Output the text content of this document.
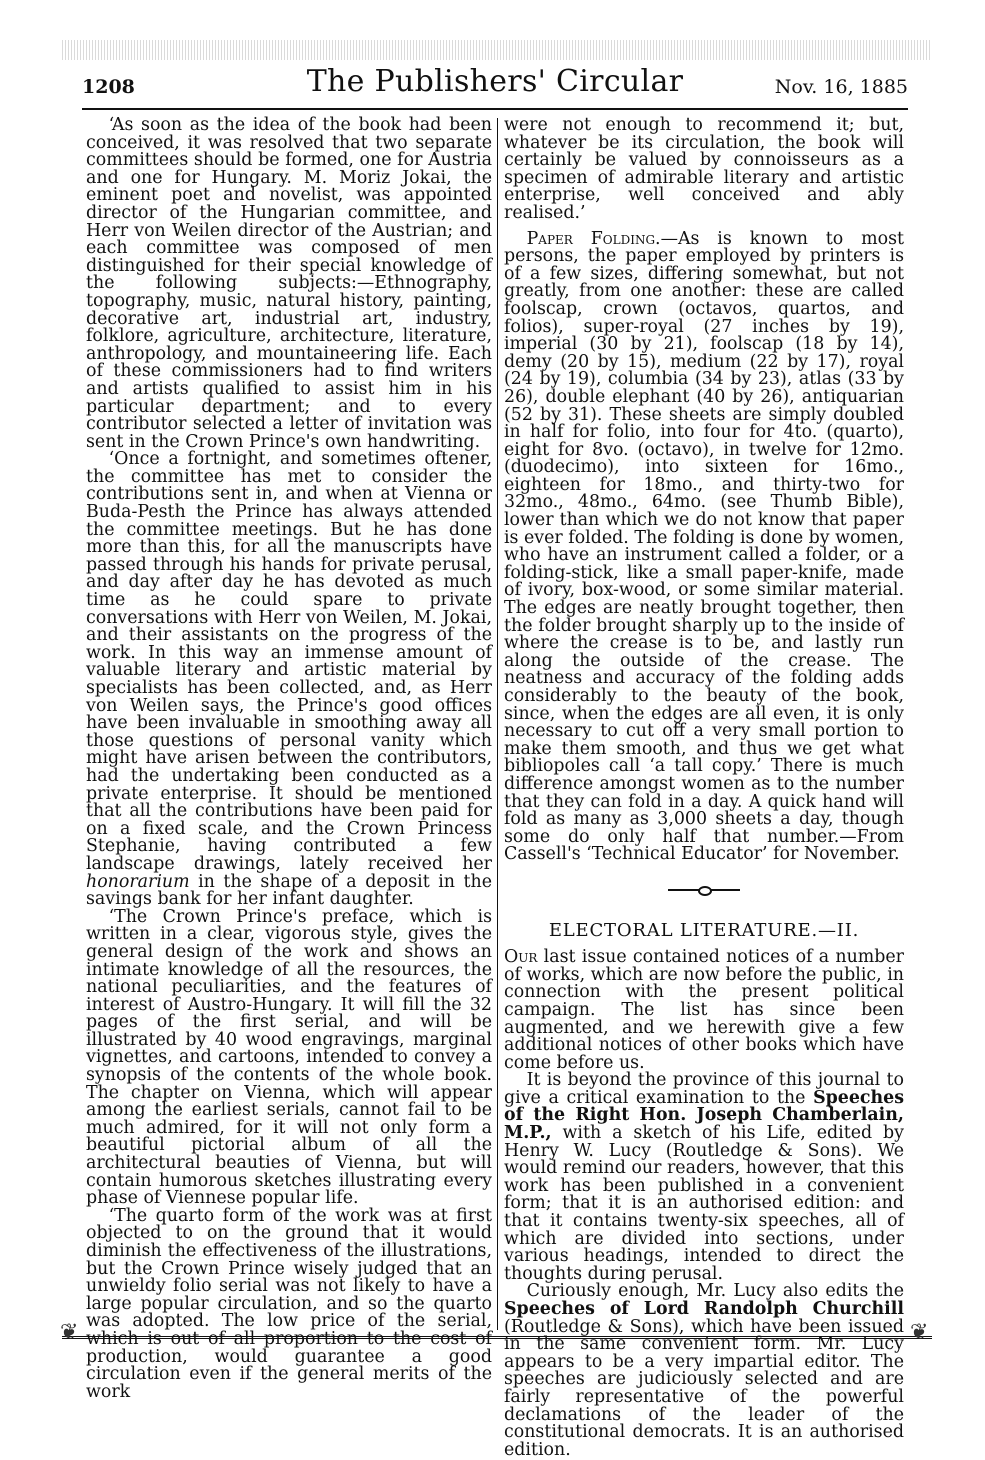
1208	The Publishers' Circular	Nov. 16, 1885

‘As soon as the idea of the book had been conceived, it was resolved that two separate committees should be formed, one for Austria and one for Hungary. M. Moriz Jokai, the eminent poet and novelist, was appointed director of the Hungarian committee, and Herr von Weilen director of the Austrian; and each committee was composed of men distinguished for their special knowledge of the following subjects:—Ethnography, topography, music, natural history, painting, decorative art, industrial art, industry, folklore, agriculture, architecture, literature, anthropology, and mountaineering life. Each of these commissioners had to find writers and artists qualified to assist him in his particular department; and to every contributor selected a letter of invitation was sent in the Crown Prince's own handwriting.

‘Once a fortnight, and sometimes oftener, the committee has met to consider the contributions sent in, and when at Vienna or Buda-Pesth the Prince has always attended the committee meetings. But he has done more than this, for all the manuscripts have passed through his hands for private perusal, and day after day he has devoted as much time as he could spare to private conversations with Herr von Weilen, M. Jokai, and their assistants on the progress of the work. In this way an immense amount of valuable literary and artistic material by specialists has been collected, and, as Herr von Weilen says, the Prince's good offices have been invaluable in smoothing away all those questions of personal vanity which might have arisen between the contributors, had the undertaking been conducted as a private enterprise. It should be mentioned that all the contributions have been paid for on a fixed scale, and the Crown Princess Stephanie, having contributed a few landscape drawings, lately received her honorarium in the shape of a deposit in the savings bank for her infant daughter.

‘The Crown Prince's preface, which is written in a clear, vigorous style, gives the general design of the work and shows an intimate knowledge of all the resources, the national peculiarities, and the features of interest of Austro-Hungary. It will fill the 32 pages of the first serial, and will be illustrated by 40 wood engravings, marginal vignettes, and cartoons, intended to convey a synopsis of the contents of the whole book. The chapter on Vienna, which will appear among the earliest serials, cannot fail to be much admired, for it will not only form a beautiful pictorial album of all the architectural beauties of Vienna, but will contain humorous sketches illustrating every phase of Viennese popular life.

‘The quarto form of the work was at first objected to on the ground that it would diminish the effectiveness of the illustrations, but the Crown Prince wisely judged that an unwieldy folio serial was not likely to have a large popular circulation, and so the quarto was adopted. The low price of the serial, which is out of all proportion to the cost of production, would guarantee a good circulation even if the general merits of the work

were not enough to recommend it; but, whatever be its circulation, the book will certainly be valued by connoisseurs as a specimen of admirable literary and artistic enterprise, well conceived and ably realised.’

Paper Folding.—As is known to most persons, the paper employed by printers is of a few sizes, differing somewhat, but not greatly, from one another: these are called foolscap, crown (octavos, quartos, and folios), super-royal (27 inches by 19), imperial (30 by 21), foolscap (18 by 14), demy (20 by 15), medium (22 by 17), royal (24 by 19), columbia (34 by 23), atlas (33 by 26), double elephant (40 by 26), antiquarian (52 by 31). These sheets are simply doubled in half for folio, into four for 4to. (quarto), eight for 8vo. (octavo), in twelve for 12mo. (duodecimo), into sixteen for 16mo., eighteen for 18mo., and thirty-two for 32mo., 48mo., 64mo. (see Thumb Bible), lower than which we do not know that paper is ever folded. The folding is done by women, who have an instrument called a folder, or a folding-stick, like a small paper-knife, made of ivory, box-wood, or some similar material. The edges are neatly brought together, then the folder brought sharply up to the inside of where the crease is to be, and lastly run along the outside of the crease. The neatness and accuracy of the folding adds considerably to the beauty of the book, since, when the edges are all even, it is only necessary to cut off a very small portion to make them smooth, and thus we get what bibliopoles call ‘a tall copy.’ There is much difference amongst women as to the number that they can fold in a day. A quick hand will fold as many as 3,000 sheets a day, though some do only half that number.—From Cassell's ‘Technical Educator’ for November.

ELECTORAL LITERATURE.—II.

Our last issue contained notices of a number of works, which are now before the public, in connection with the present political campaign. The list has since been augmented, and we herewith give a few additional notices of other books which have come before us.

It is beyond the province of this journal to give a critical examination to the Speeches of the Right Hon. Joseph Chamberlain, M.P., with a sketch of his Life, edited by Henry W. Lucy (Routledge & Sons). We would remind our readers, however, that this work has been published in a convenient form; that it is an authorised edition: and that it contains twenty-six speeches, all of which are divided into sections, under various headings, intended to direct the thoughts during perusal.

Curiously enough, Mr. Lucy also edits the Speeches of Lord Randolph Churchill (Routledge & Sons), which have been issued in the same convenient form. Mr. Lucy appears to be a very impartial editor. The speeches are judiciously selected and are fairly representative of the powerful declamations of the leader of the constitutional democrats. It is an authorised edition.

❦	❦
